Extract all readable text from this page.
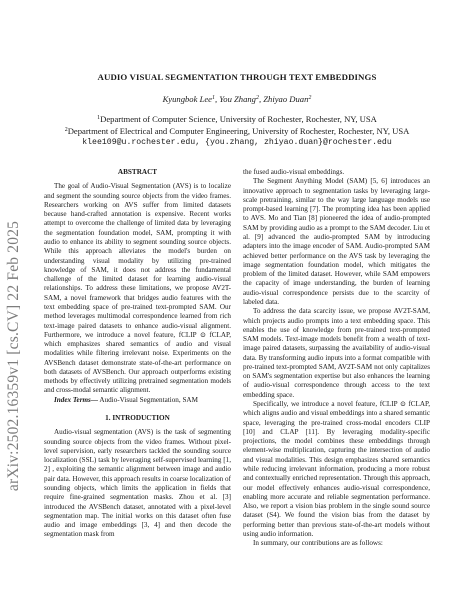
arXiv:2502.16359v1 [cs.CV] 22 Feb 2025
AUDIO VISUAL SEGMENTATION THROUGH TEXT EMBEDDINGS
Kyungbok Lee$^1$, You Zhang$^2$, Zhiyao Duan$^2$
$^1$Department of Computer Science, University of Rochester, Rochester, NY, USA
$^2$Department of Electrical and Computer Engineering, University of Rochester, Rochester, NY, USA
klee109@u.rochester.edu, {you.zhang, zhiyao.duan}@rochester.edu

ABSTRACT

The goal of Audio-Visual Segmentation (AVS) is to localize and segment the sounding source objects from the video frames. Researchers working on AVS suffer from limited datasets because hand-crafted annotation is expensive. Recent works attempt to overcome the challenge of limited data by leveraging the segmentation foundation model, SAM, prompting it with audio to enhance its ability to segment sounding source objects. While this approach alleviates the model's burden on understanding visual modality by utilizing pre-trained knowledge of SAM, it does not address the fundamental challenge of the limited dataset for learning audio-visual relationships. To address these limitations, we propose AV2T-SAM, a novel framework that bridges audio features with the text embedding space of pre-trained text-prompted SAM. Our method leverages multimodal correspondence learned from rich text-image paired datasets to enhance audio-visual alignment. Furthermore, we introduce a novel feature, fCLIP ⊙ fCLAP, which emphasizes shared semantics of audio and visual modalities while filtering irrelevant noise. Experiments on the AVSBench dataset demonstrate state-of-the-art performance on both datasets of AVSBench. Our approach outperforms existing methods by effectively utilizing pretrained segmentation models and cross-modal semantic alignment.

Index Terms— Audio-Visual Segmentation, SAM

1. INTRODUCTION

Audio-visual segmentation (AVS) is the task of segmenting sounding source objects from the video frames. Without pixel-level supervision, early researchers tackled the sounding source localization (SSL) task by leveraging self-supervised learning [1, 2] , exploiting the semantic alignment between image and audio pair data. However, this approach results in coarse localization of sounding objects, which limits the application in fields that require fine-grained segmentation masks. Zhou et al. [3] introduced the AVSBench dataset, annotated with a pixel-level segmentation map. The initial works on this dataset often fuse audio and image embeddings [3, 4] and then decode the segmentation mask from

the fused audio-visual embeddings.

The Segment Anything Model (SAM) [5, 6] introduces an innovative approach to segmentation tasks by leveraging large-scale pretraining, similar to the way large language models use prompt-based learning [7]. The prompting idea has been applied to AVS. Mo and Tian [8] pioneered the idea of audio-prompted SAM by providing audio as a prompt to the SAM decoder. Liu et al. [9] advanced the audio-prompted SAM by introducing adapters into the image encoder of SAM. Audio-prompted SAM achieved better performance on the AVS task by leveraging the image segmentation foundation model, which mitigates the problem of the limited dataset. However, while SAM empowers the capacity of image understanding, the burden of learning audio-visual correspondence persists due to the scarcity of labeled data.

To address the data scarcity issue, we propose AV2T-SAM, which projects audio prompts into a text embedding space. This enables the use of knowledge from pre-trained text-prompted SAM models. Text-image models benefit from a wealth of text-image paired datasets, surpassing the availability of audio-visual data. By transforming audio inputs into a format compatible with pre-trained text-prompted SAM, AV2T-SAM not only capitalizes on SAM's segmentation expertise but also enhances the learning of audio-visual correspondence through access to the text embedding space.

Specifically, we introduce a novel feature, fCLIP ⊙ fCLAP, which aligns audio and visual embeddings into a shared semantic space, leveraging the pre-trained cross-modal encoders CLIP [10] and CLAP [11]. By leveraging modality-specific projections, the model combines these embeddings through element-wise multiplication, capturing the intersection of audio and visual modalities. This design emphasizes shared semantics while reducing irrelevant information, producing a more robust and contextually enriched representation. Through this approach, our model effectively enhances audio-visual correspondence, enabling more accurate and reliable segmentation performance. Also, we report a vision bias problem in the single sound source dataset (S4). We found the vision bias from the dataset by performing better than previous state-of-the-art models without using audio information.

In summary, our contributions are as follows:
